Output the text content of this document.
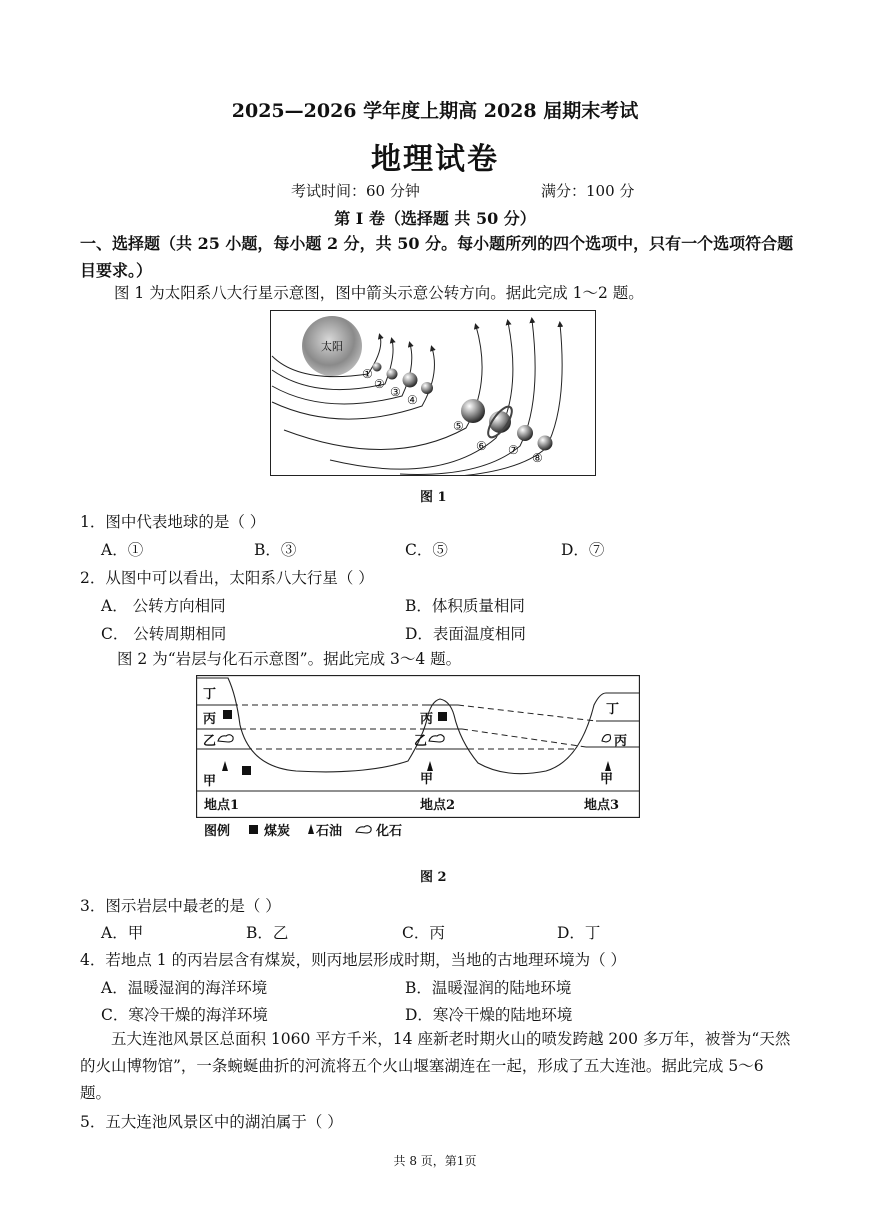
2025—2026 学年度上期高 2028 届期末考试
地理试卷
考试时间：60 分钟	满分：100 分
第 I 卷（选择题 共 50 分）
一、选择题（共 25 小题，每小题 2 分，共 50 分。每小题所列的四个选项中，只有一个选项符合题目要求。）
图 1 为太阳系八大行星示意图，图中箭头示意公转方向。据此完成 1～2 题。
太阳
①
②
③
④
⑤
⑥ ⑦
⑧
图 1
1．图中代表地球的是（ ）
A．①	B．③	C．⑤	D．⑦
2．从图中可以看出，太阳系八大行星（ ）
A． 公转方向相同	B．体积质量相同
C． 公转周期相同	D．表面温度相同
图 2 为“岩层与化石示意图”。据此完成 3～4 题。
丁
丙
乙
甲
丙
乙
甲
丁
丙
甲
地点1	地点2	地点3
图例	煤炭 石油	化石
图 2
3．图示岩层中最老的是（ ）
A．甲	B．乙	C．丙	D．丁
4．若地点 1 的丙岩层含有煤炭，则丙地层形成时期，当地的古地理环境为（ ）
A．温暖湿润的海洋环境	B．温暖湿润的陆地环境
C．寒冷干燥的海洋环境	D．寒冷干燥的陆地环境
五大连池风景区总面积 1060 平方千米，14 座新老时期火山的喷发跨越 200 多万年，被誉为“天然的火山博物馆”，一条蜿蜒曲折的河流将五个火山堰塞湖连在一起，形成了五大连池。据此完成 5～6 题。
5．五大连池风景区中的湖泊属于（ ）
共 8 页，第1页
